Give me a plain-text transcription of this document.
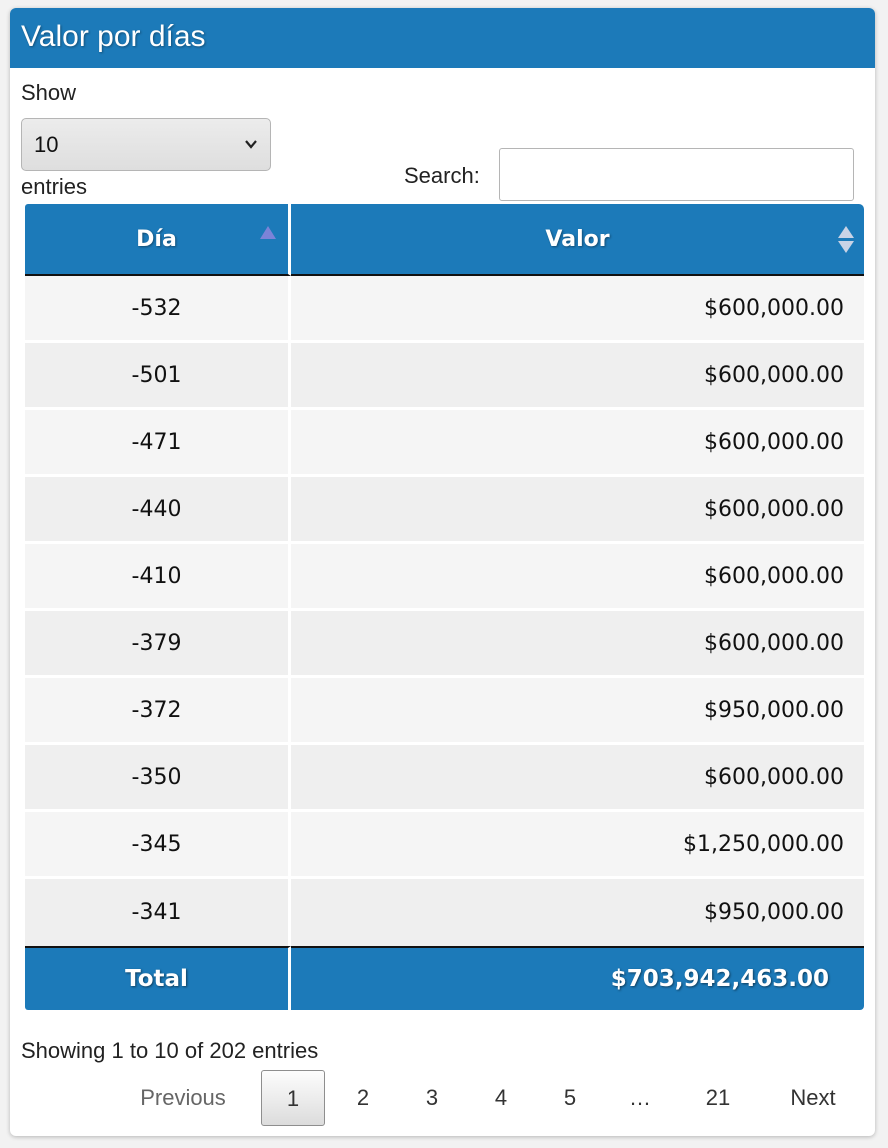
Valor por días
Show
10
Search:
entries
Día	Valor

-532	$600,000.00
-501	$600,000.00
-471	$600,000.00
-440	$600,000.00
-410	$600,000.00
-379	$600,000.00
-372	$950,000.00
-350	$600,000.00
-345	$1,250,000.00
-341	$950,000.00
Total	$703,942,463.00
Showing 1 to 10 of 202 entries
Previous	1	2	3	4	5	…	21	Next
